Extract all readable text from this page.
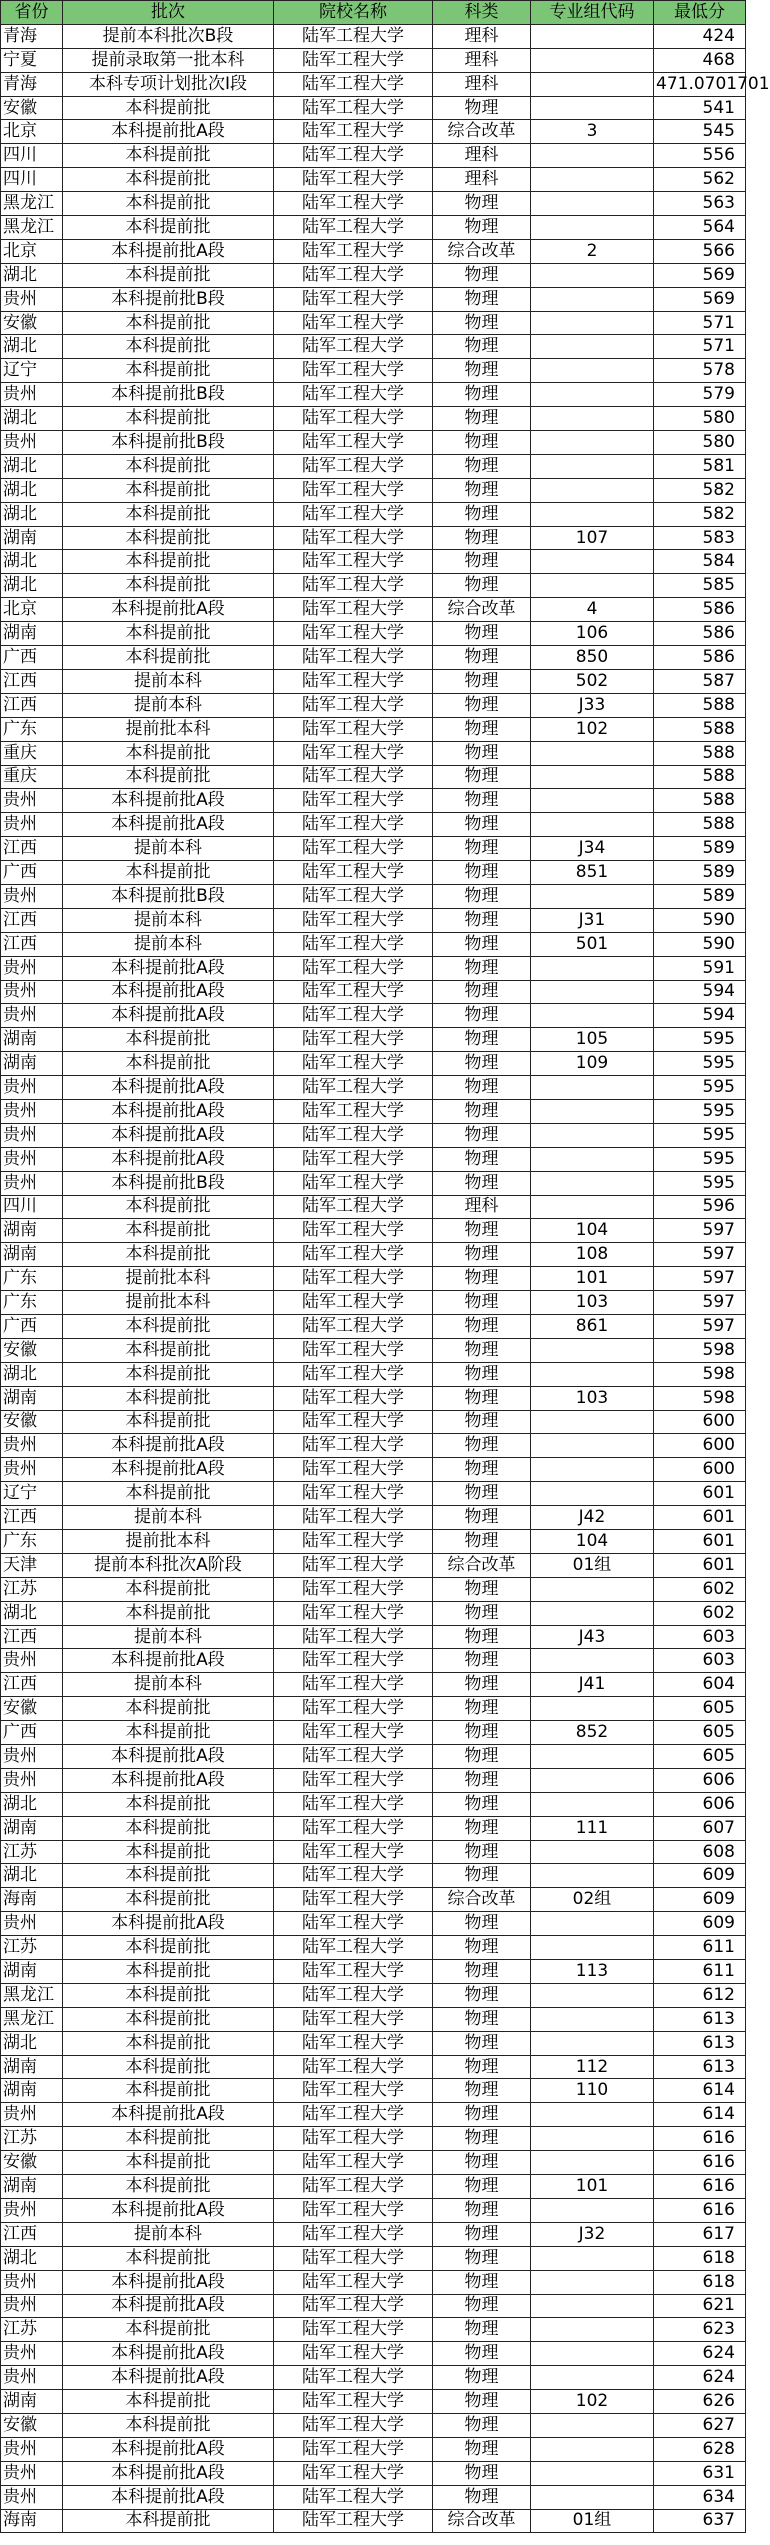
省份	批次	院校名称	科类	专业组代码	最低分
青海	提前本科批次B段	陆军工程大学	理科		424
宁夏	提前录取第一批本科	陆军工程大学	理科		468
青海	本科专项计划批次I段	陆军工程大学	理科		471.0701701
安徽	本科提前批	陆军工程大学	物理		541
北京	本科提前批A段	陆军工程大学	综合改革	3	545
四川	本科提前批	陆军工程大学	理科		556
四川	本科提前批	陆军工程大学	理科		562
黑龙江	本科提前批	陆军工程大学	物理		563
黑龙江	本科提前批	陆军工程大学	物理		564
北京	本科提前批A段	陆军工程大学	综合改革	2	566
湖北	本科提前批	陆军工程大学	物理		569
贵州	本科提前批B段	陆军工程大学	物理		569
安徽	本科提前批	陆军工程大学	物理		571
湖北	本科提前批	陆军工程大学	物理		571
辽宁	本科提前批	陆军工程大学	物理		578
贵州	本科提前批B段	陆军工程大学	物理		579
湖北	本科提前批	陆军工程大学	物理		580
贵州	本科提前批B段	陆军工程大学	物理		580
湖北	本科提前批	陆军工程大学	物理		581
湖北	本科提前批	陆军工程大学	物理		582
湖北	本科提前批	陆军工程大学	物理		582
湖南	本科提前批	陆军工程大学	物理	107	583
湖北	本科提前批	陆军工程大学	物理		584
湖北	本科提前批	陆军工程大学	物理		585
北京	本科提前批A段	陆军工程大学	综合改革	4	586
湖南	本科提前批	陆军工程大学	物理	106	586
广西	本科提前批	陆军工程大学	物理	850	586
江西	提前本科	陆军工程大学	物理	502	587
江西	提前本科	陆军工程大学	物理	J33	588
广东	提前批本科	陆军工程大学	物理	102	588
重庆	本科提前批	陆军工程大学	物理		588
重庆	本科提前批	陆军工程大学	物理		588
贵州	本科提前批A段	陆军工程大学	物理		588
贵州	本科提前批A段	陆军工程大学	物理		588
江西	提前本科	陆军工程大学	物理	J34	589
广西	本科提前批	陆军工程大学	物理	851	589
贵州	本科提前批B段	陆军工程大学	物理		589
江西	提前本科	陆军工程大学	物理	J31	590
江西	提前本科	陆军工程大学	物理	501	590
贵州	本科提前批A段	陆军工程大学	物理		591
贵州	本科提前批A段	陆军工程大学	物理		594
贵州	本科提前批A段	陆军工程大学	物理		594
湖南	本科提前批	陆军工程大学	物理	105	595
湖南	本科提前批	陆军工程大学	物理	109	595
贵州	本科提前批A段	陆军工程大学	物理		595
贵州	本科提前批A段	陆军工程大学	物理		595
贵州	本科提前批A段	陆军工程大学	物理		595
贵州	本科提前批A段	陆军工程大学	物理		595
贵州	本科提前批B段	陆军工程大学	物理		595
四川	本科提前批	陆军工程大学	理科		596
湖南	本科提前批	陆军工程大学	物理	104	597
湖南	本科提前批	陆军工程大学	物理	108	597
广东	提前批本科	陆军工程大学	物理	101	597
广东	提前批本科	陆军工程大学	物理	103	597
广西	本科提前批	陆军工程大学	物理	861	597
安徽	本科提前批	陆军工程大学	物理		598
湖北	本科提前批	陆军工程大学	物理		598
湖南	本科提前批	陆军工程大学	物理	103	598
安徽	本科提前批	陆军工程大学	物理		600
贵州	本科提前批A段	陆军工程大学	物理		600
贵州	本科提前批A段	陆军工程大学	物理		600
辽宁	本科提前批	陆军工程大学	物理		601
江西	提前本科	陆军工程大学	物理	J42	601
广东	提前批本科	陆军工程大学	物理	104	601
天津	提前本科批次A阶段	陆军工程大学	综合改革	01组	601
江苏	本科提前批	陆军工程大学	物理		602
湖北	本科提前批	陆军工程大学	物理		602
江西	提前本科	陆军工程大学	物理	J43	603
贵州	本科提前批A段	陆军工程大学	物理		603
江西	提前本科	陆军工程大学	物理	J41	604
安徽	本科提前批	陆军工程大学	物理		605
广西	本科提前批	陆军工程大学	物理	852	605
贵州	本科提前批A段	陆军工程大学	物理		605
贵州	本科提前批A段	陆军工程大学	物理		606
湖北	本科提前批	陆军工程大学	物理		606
湖南	本科提前批	陆军工程大学	物理	111	607
江苏	本科提前批	陆军工程大学	物理		608
湖北	本科提前批	陆军工程大学	物理		609
海南	本科提前批	陆军工程大学	综合改革	02组	609
贵州	本科提前批A段	陆军工程大学	物理		609
江苏	本科提前批	陆军工程大学	物理		611
湖南	本科提前批	陆军工程大学	物理	113	611
黑龙江	本科提前批	陆军工程大学	物理		612
黑龙江	本科提前批	陆军工程大学	物理		613
湖北	本科提前批	陆军工程大学	物理		613
湖南	本科提前批	陆军工程大学	物理	112	613
湖南	本科提前批	陆军工程大学	物理	110	614
贵州	本科提前批A段	陆军工程大学	物理		614
江苏	本科提前批	陆军工程大学	物理		616
安徽	本科提前批	陆军工程大学	物理		616
湖南	本科提前批	陆军工程大学	物理	101	616
贵州	本科提前批A段	陆军工程大学	物理		616
江西	提前本科	陆军工程大学	物理	J32	617
湖北	本科提前批	陆军工程大学	物理		618
贵州	本科提前批A段	陆军工程大学	物理		618
贵州	本科提前批A段	陆军工程大学	物理		621
江苏	本科提前批	陆军工程大学	物理		623
贵州	本科提前批A段	陆军工程大学	物理		624
贵州	本科提前批A段	陆军工程大学	物理		624
湖南	本科提前批	陆军工程大学	物理	102	626
安徽	本科提前批	陆军工程大学	物理		627
贵州	本科提前批A段	陆军工程大学	物理		628
贵州	本科提前批A段	陆军工程大学	物理		631
贵州	本科提前批A段	陆军工程大学	物理		634
海南	本科提前批	陆军工程大学	综合改革	01组	637
